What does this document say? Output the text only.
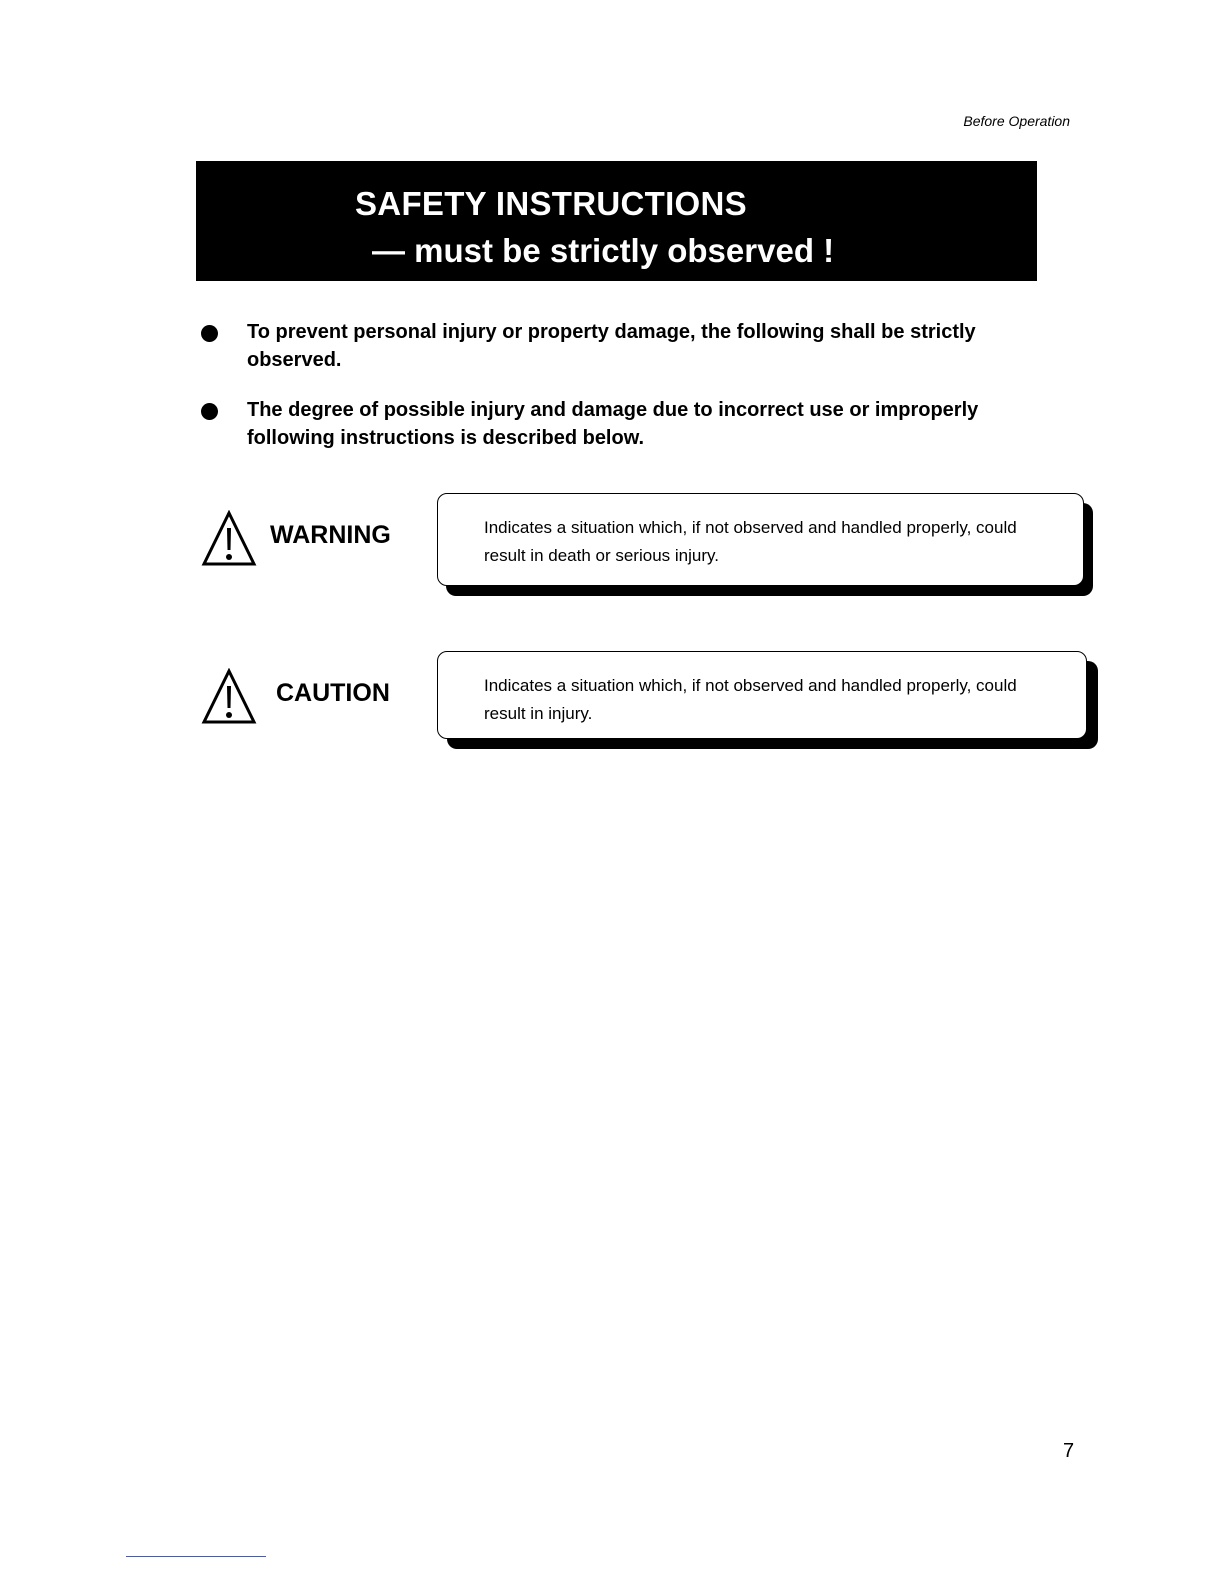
Before Operation
SAFETY INSTRUCTIONS
— must be strictly observed !
To prevent personal injury or property damage, the following shall be strictly observed.
The degree of possible injury and damage due to incorrect use or improperly following instructions is described below.
WARNING	Indicates a situation which, if not observed and handled properly, could result in death or serious injury.
CAUTION	Indicates a situation which, if not observed and handled properly, could result in injury.
7
